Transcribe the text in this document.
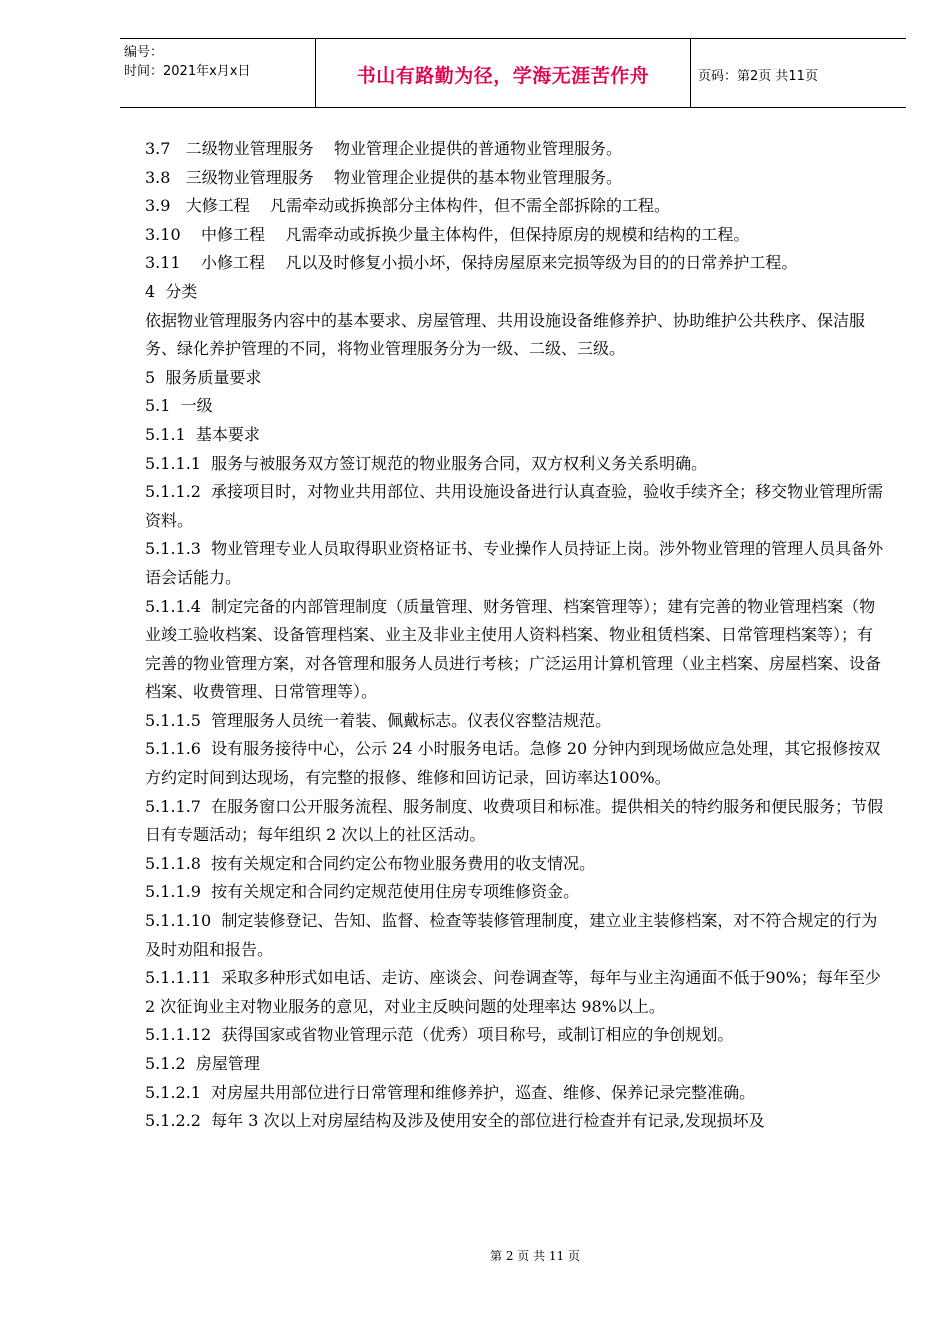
编号：
时间：2021年x月x日	书山有路勤为径，学海无涯苦作舟	页码：第2页 共11页

3.7   二级物业管理服务    物业管理企业提供的普通物业管理服务。

3.8   三级物业管理服务    物业管理企业提供的基本物业管理服务。

3.9   大修工程    凡需牵动或拆换部分主体构件，但不需全部拆除的工程。

3.10    中修工程    凡需牵动或拆换少量主体构件，但保持原房的规模和结构的工程。

3.11    小修工程    凡以及时修复小损小坏，保持房屋原来完损等级为目的的日常养护工程。

4  分类

依据物业管理服务内容中的基本要求、房屋管理、共用设施设备维修养护、协助维护公共秩序、保洁服务、绿化养护管理的不同，将物业管理服务分为一级、二级、三级。

5  服务质量要求

5.1  一级

5.1.1  基本要求

5.1.1.1  服务与被服务双方签订规范的物业服务合同，双方权利义务关系明确。

5.1.1.2  承接项目时，对物业共用部位、共用设施设备进行认真查验，验收手续齐全；移交物业管理所需资料。

5.1.1.3  物业管理专业人员取得职业资格证书、专业操作人员持证上岗。涉外物业管理的管理人员具备外语会话能力。

5.1.1.4  制定完备的内部管理制度（质量管理、财务管理、档案管理等）；建有完善的物业管理档案（物业竣工验收档案、设备管理档案、业主及非业主使用人资料档案、物业租赁档案、日常管理档案等）；有完善的物业管理方案，对各管理和服务人员进行考核；广泛运用计算机管理（业主档案、房屋档案、设备档案、收费管理、日常管理等）。

5.1.1.5  管理服务人员统一着装、佩戴标志。仪表仪容整洁规范。

5.1.1.6  设有服务接待中心，公示 24 小时服务电话。急修 20 分钟内到现场做应急处理，其它报修按双方约定时间到达现场，有完整的报修、维修和回访记录，回访率达100%。

5.1.1.7  在服务窗口公开服务流程、服务制度、收费项目和标准。提供相关的特约服务和便民服务；节假日有专题活动；每年组织 2 次以上的社区活动。

5.1.1.8  按有关规定和合同约定公布物业服务费用的收支情况。

5.1.1.9  按有关规定和合同约定规范使用住房专项维修资金。

5.1.1.10  制定装修登记、告知、监督、检查等装修管理制度，建立业主装修档案，对不符合规定的行为及时劝阻和报告。

5.1.1.11  采取多种形式如电话、走访、座谈会、问卷调查等，每年与业主沟通面不低于90%；每年至少 2 次征询业主对物业服务的意见，对业主反映问题的处理率达 98%以上。

5.1.1.12  获得国家或省物业管理示范（优秀）项目称号，或制订相应的争创规划。

5.1.2  房屋管理

5.1.2.1  对房屋共用部位进行日常管理和维修养护，巡查、维修、保养记录完整准确。

5.1.2.2  每年 3 次以上对房屋结构及涉及使用安全的部位进行检查并有记录,发现损坏及

第 2 页 共 11 页
